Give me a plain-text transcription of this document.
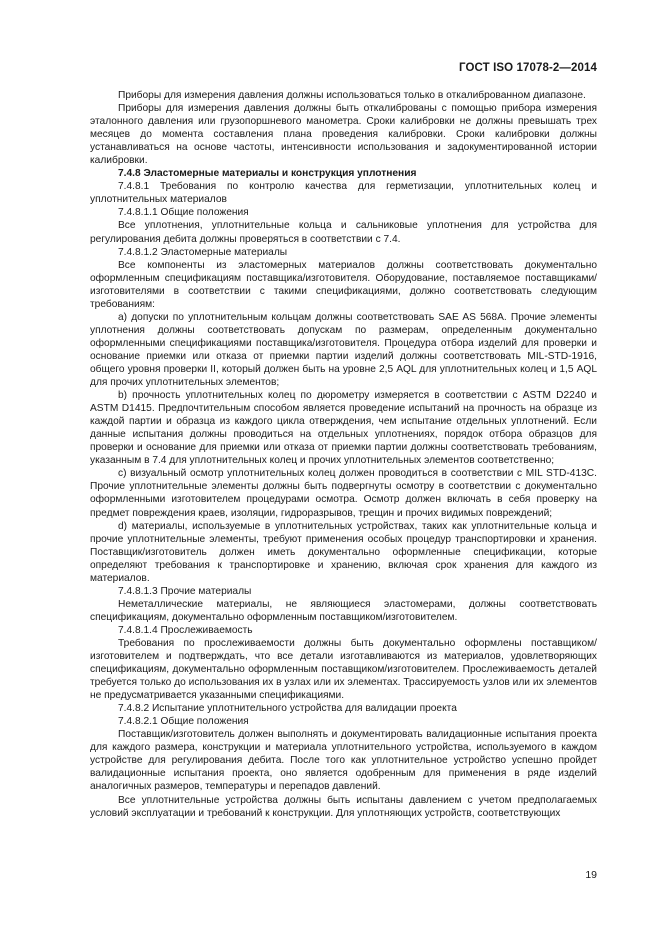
ГОСТ ISO 17078-2—2014

Приборы для измерения давления должны использоваться только в откалиброванном диапазоне.

Приборы для измерения давления должны быть откалиброваны с помощью прибора измерения эталонного давления или грузопоршневого манометра. Сроки калибровки не должны превышать трех месяцев до момента составления плана проведения калибровки. Сроки калибровки должны устанавливаться на основе частоты, интенсивности использования и задокументированной истории калибровки.

7.4.8 Эластомерные материалы и конструкция уплотнения

7.4.8.1 Требования по контролю качества для герметизации, уплотнительных колец и уплотнительных материалов

7.4.8.1.1 Общие положения

Все уплотнения, уплотнительные кольца и сальниковые уплотнения для устройства для регулирования дебита должны проверяться в соответствии с 7.4.

7.4.8.1.2 Эластомерные материалы

Все компоненты из эластомерных материалов должны соответствовать документально оформленным спецификациям поставщика/изготовителя. Оборудование, поставляемое поставщиками/изготовителями в соответствии с такими спецификациями, должно соответствовать следующим требованиям:

a) допуски по уплотнительным кольцам должны соответствовать SAE AS 568A. Прочие элементы уплотнения должны соответствовать допускам по размерам, определенным документально оформленными спецификациями поставщика/изготовителя. Процедура отбора изделий для проверки и основание приемки или отказа от приемки партии изделий должны соответствовать MIL-STD-1916, общего уровня проверки II, который должен быть на уровне 2,5 AQL для уплотнительных колец и 1,5 AQL для прочих уплотнительных элементов;

b) прочность уплотнительных колец по дюрометру измеряется в соответствии с ASTM D2240 и ASTM D1415. Предпочтительным способом является проведение испытаний на прочность на образце из каждой партии и образца из каждого цикла отверждения, чем испытание отдельных уплотнений. Если данные испытания должны проводиться на отдельных уплотнениях, порядок отбора образцов для проверки и основание для приемки или отказа от приемки партии должны соответствовать требованиям, указанным в 7.4 для уплотнительных колец и прочих уплотнительных элементов соответственно;

c) визуальный осмотр уплотнительных колец должен проводиться в соответствии с MIL STD-413C. Прочие уплотнительные элементы должны быть подвергнуты осмотру в соответствии с документально оформленными изготовителем процедурами осмотра. Осмотр должен включать в себя проверку на предмет повреждения краев, изоляции, гидроразрывов, трещин и прочих видимых повреждений;

d) материалы, используемые в уплотнительных устройствах, таких как уплотнительные кольца и прочие уплотнительные элементы, требуют применения особых процедур транспортировки и хранения. Поставщик/изготовитель должен иметь документально оформленные спецификации, которые определяют требования к транспортировке и хранению, включая срок хранения для каждого из материалов.

7.4.8.1.3 Прочие материалы

Неметаллические материалы, не являющиеся эластомерами, должны соответствовать спецификациям, документально оформленным поставщиком/изготовителем.

7.4.8.1.4 Прослеживаемость

Требования по прослеживаемости должны быть документально оформлены поставщиком/изготовителем и подтверждать, что все детали изготавливаются из материалов, удовлетворяющих спецификациям, документально оформленным поставщиком/изготовителем. Прослеживаемость деталей требуется только до использования их в узлах или их элементах. Трассируемость узлов или их элементов не предусматривается указанными спецификациями.

7.4.8.2 Испытание уплотнительного устройства для валидации проекта

7.4.8.2.1 Общие положения

Поставщик/изготовитель должен выполнять и документировать валидационные испытания проекта для каждого размера, конструкции и материала уплотнительного устройства, используемого в каждом устройстве для регулирования дебита. После того как уплотнительное устройство успешно пройдет валидационные испытания проекта, оно является одобренным для применения в ряде изделий аналогичных размеров, температуры и перепадов давлений.

Все уплотнительные устройства должны быть испытаны давлением с учетом предполагаемых условий эксплуатации и требований к конструкции. Для уплотняющих устройств, соответствующих

19
